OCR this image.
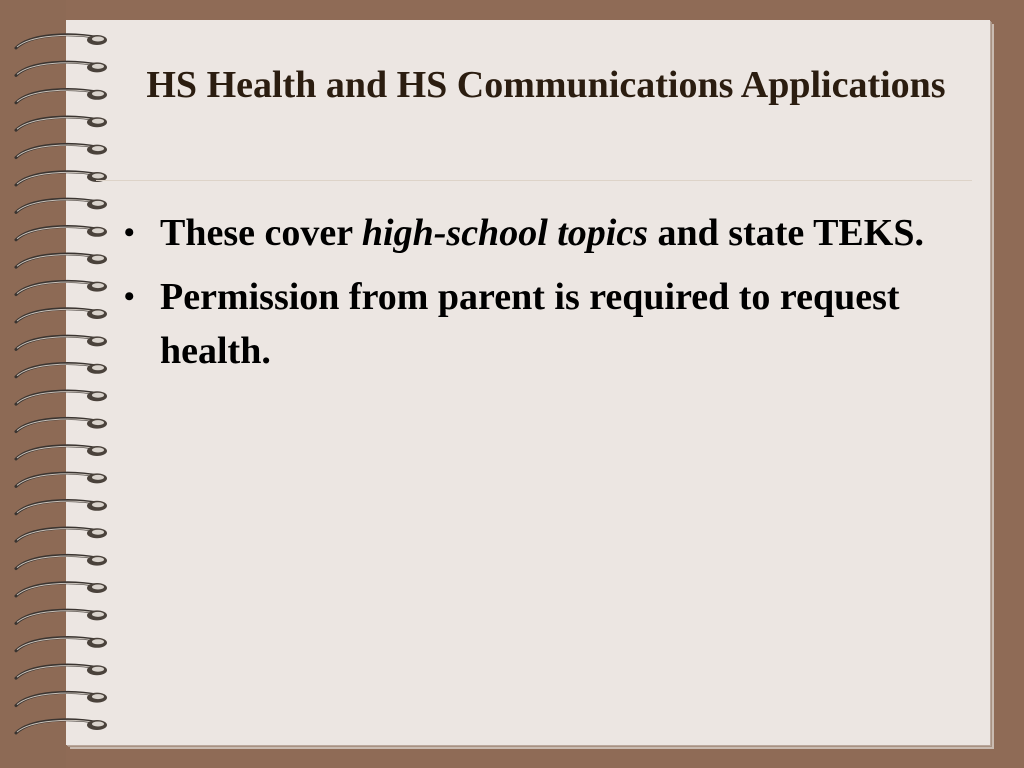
HS Health and HS Communications Applications
• These cover high-school topics and state TEKS.
• Permission from parent is required to request health.
